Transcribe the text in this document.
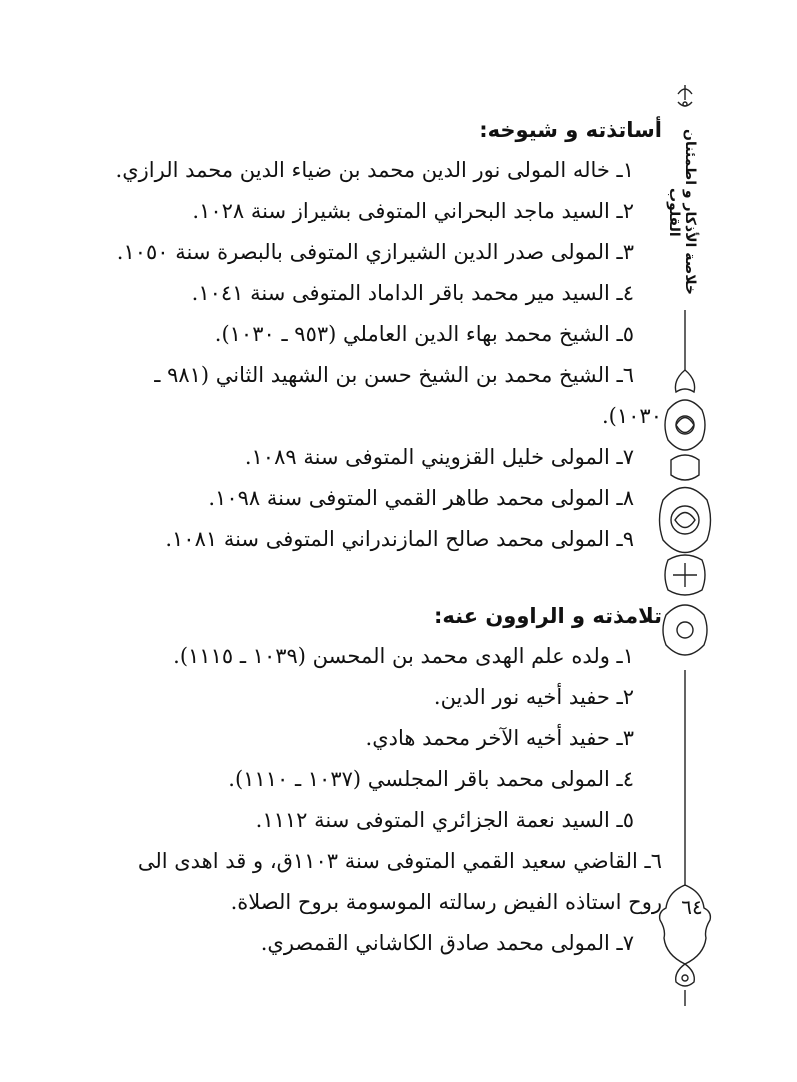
خلاصة الأذكار و اطمئنان القلوب
٦٤

أساتذته و شيوخه:

١ـ خاله المولى نور الدين محمد بن ضياء الدين محمد الرازي.
٢ـ السيد ماجد البحراني المتوفى بشيراز سنة ١٠٢٨.
٣ـ المولى صدر الدين الشيرازي المتوفى بالبصرة سنة ١٠٥٠.
٤ـ السيد مير محمد باقر الداماد المتوفى سنة ١٠٤١.
٥ـ الشيخ محمد بهاء الدين العاملي (٩٥٣ ـ ١٠٣٠).
٦ـ الشيخ محمد بن الشيخ حسن بن الشهيد الثاني (٩٨١ ـ
١٠٣٠).
٧ـ المولى خليل القزويني المتوفى سنة ١٠٨٩.
٨ـ المولى محمد طاهر القمي المتوفى سنة ١٠٩٨.
٩ـ المولى محمد صالح المازندراني المتوفى سنة ١٠٨١.

تلامذته و الراوون عنه:

١ـ ولده علم الهدى محمد بن المحسن (١٠٣٩ ـ ١١١٥).
٢ـ حفيد أخيه نور الدين.
٣ـ حفيد أخيه الآخر محمد هادي.
٤ـ المولى محمد باقر المجلسي (١٠٣٧ ـ ١١١٠).
٥ـ السيد نعمة الجزائري المتوفى سنة ١١١٢.
٦ـ القاضي سعيد القمي المتوفى سنة ١١٠٣ق، و قد اهدى الى
روح استاذه الفيض رسالته الموسومة بروح الصلاة.
٧ـ المولى محمد صادق الكاشاني القمصري.
